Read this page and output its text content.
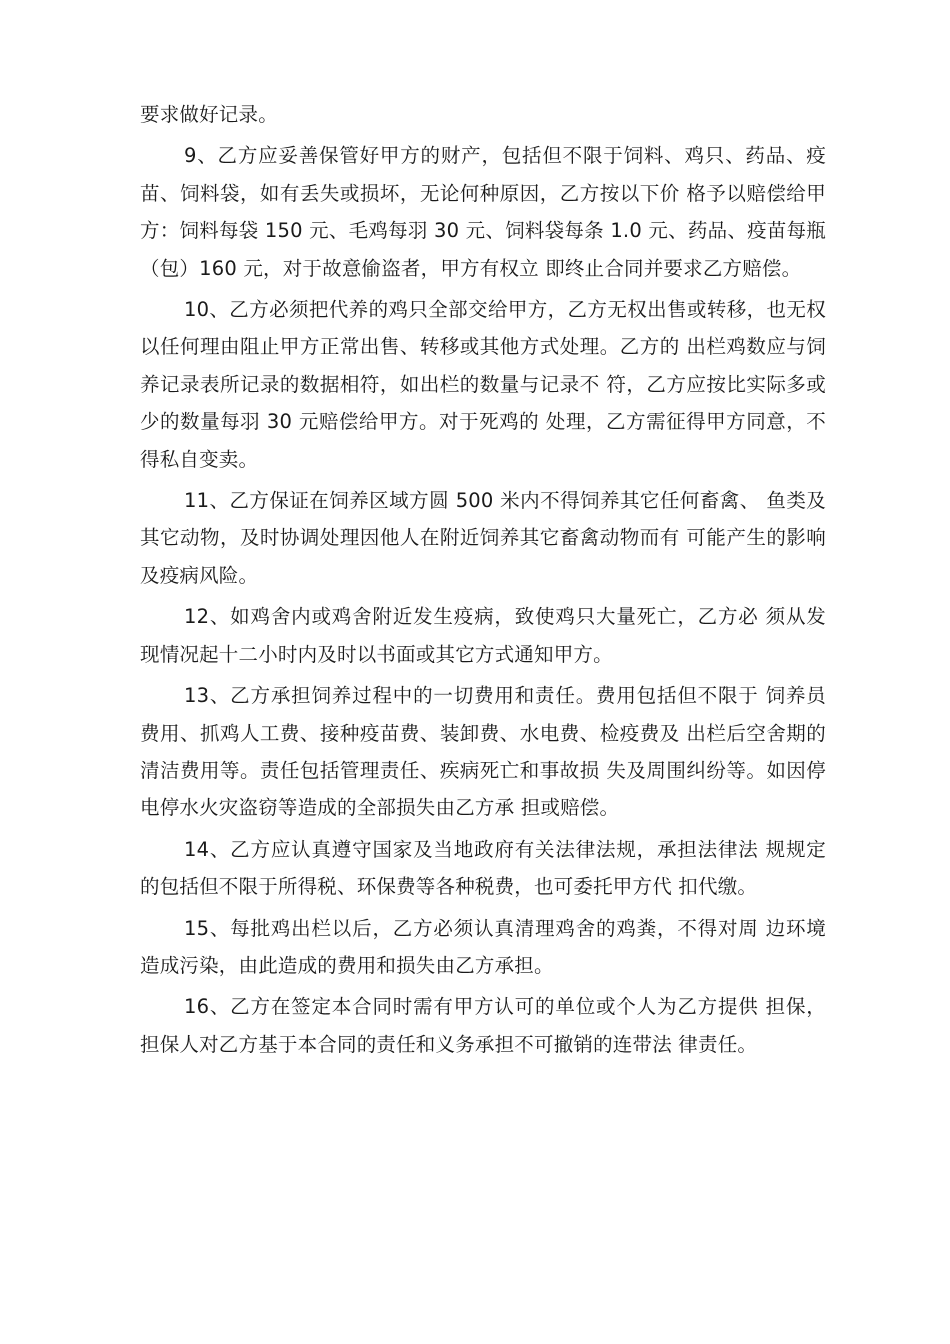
要求做好记录。

9、乙方应妥善保管好甲方的财产，包括但不限于饲料、鸡只、药品、疫苗、饲料袋，如有丢失或损坏，无论何种原因，乙方按以下价 格予以赔偿给甲方：饲料每袋 150 元、毛鸡每羽 30 元、饲料袋每条 1.0 元、药品、疫苗每瓶（包）160 元，对于故意偷盗者，甲方有权立 即终止合同并要求乙方赔偿。

10、乙方必须把代养的鸡只全部交给甲方，乙方无权出售或转移，也无权以任何理由阻止甲方正常出售、转移或其他方式处理。乙方的 出栏鸡数应与饲养记录表所记录的数据相符，如出栏的数量与记录不 符，乙方应按比实际多或少的数量每羽 30 元赔偿给甲方。对于死鸡的 处理，乙方需征得甲方同意，不得私自变卖。

11、乙方保证在饲养区域方圆 500 米内不得饲养其它任何畜禽、 鱼类及其它动物，及时协调处理因他人在附近饲养其它畜禽动物而有 可能产生的影响及疫病风险。

12、如鸡舍内或鸡舍附近发生疫病，致使鸡只大量死亡，乙方必 须从发现情况起十二小时内及时以书面或其它方式通知甲方。

13、乙方承担饲养过程中的一切费用和责任。费用包括但不限于 饲养员费用、抓鸡人工费、接种疫苗费、装卸费、水电费、检疫费及 出栏后空舍期的清洁费用等。责任包括管理责任、疾病死亡和事故损 失及周围纠纷等。如因停电停水火灾盗窃等造成的全部损失由乙方承 担或赔偿。

14、乙方应认真遵守国家及当地政府有关法律法规，承担法律法 规规定的包括但不限于所得税、环保费等各种税费，也可委托甲方代 扣代缴。

15、每批鸡出栏以后，乙方必须认真清理鸡舍的鸡粪，不得对周 边环境造成污染，由此造成的费用和损失由乙方承担。

16、乙方在签定本合同时需有甲方认可的单位或个人为乙方提供 担保，担保人对乙方基于本合同的责任和义务承担不可撤销的连带法 律责任。
